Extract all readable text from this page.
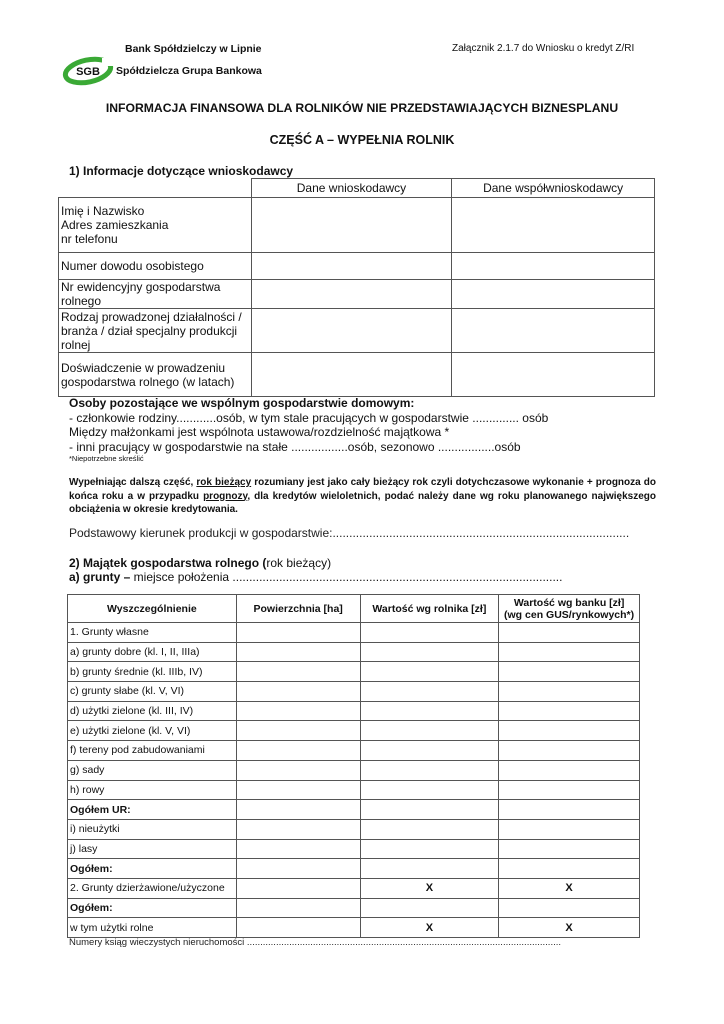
Bank Spółdzielczy w Lipnie
SGB Spółdzielcza Grupa Bankowa
Załącznik 2.1.7 do Wniosku o kredyt Z/RI
INFORMACJA FINANSOWA DLA ROLNIKÓW NIE PRZEDSTAWIAJĄCYCH BIZNESPLANU
CZĘŚĆ A – WYPEŁNIA ROLNIK
1) Informacje dotyczące wnioskodawcy
	Dane wnioskodawcy	Dane współwnioskodawcy

Imię i Nazwisko
Adres zamieszkania
nr telefonu		

Numer dowodu osobistego		

Nr ewidencyjny gospodarstwa
rolnego		

Rodzaj prowadzonej działalności /
branża / dział specjalny produkcji
rolnej		

Doświadczenie w prowadzeniu
gospodarstwa rolnego (w latach)		

Osoby pozostające we wspólnym gospodarstwie domowym:
- członkowie rodziny............osób, w tym stale pracujących w gospodarstwie .............. osób
Między małżonkami jest wspólnota ustawowa/rozdzielność majątkowa *
- inni pracujący w gospodarstwie na stałe .................osób, sezonowo .................osób
*Niepotrzebne skreślić
Wypełniając dalszą część, rok bieżący rozumiany jest jako cały bieżący rok czyli dotychczasowe wykonanie + prognoza do końca roku a w przypadku prognozy, dla kredytów wieloletnich, podać należy dane wg roku planowanego największego obciążenia w okresie kredytowania.
Podstawowy kierunek produkcji w gospodarstwie:.........................................................................................
2) Majątek gospodarstwa rolnego (rok bieżący)
a) grunty – miejsce położenia ...................................................................................................
Wyszczególnienie	Powierzchnia [ha]	Wartość wg rolnika [zł]	Wartość wg banku [zł]
(wg cen GUS/rynkowych*)

1. Grunty własne			
a) grunty dobre (kl. I, II, IIIa)			
b) grunty średnie (kl. IIIb, IV)			
c) grunty słabe (kl. V, VI)			
d) użytki zielone (kl. III, IV)			
e) użytki zielone (kl. V, VI)			
f) tereny pod zabudowaniami			
g) sady			
h) rowy			
Ogółem UR:			
i) nieużytki			
j) lasy			
Ogółem:			
2. Grunty dzierżawione/użyczone		X	X
Ogółem:			
w tym użytki rolne		X	X
Numery ksiąg wieczystych nieruchomości .......................................................................................................................
